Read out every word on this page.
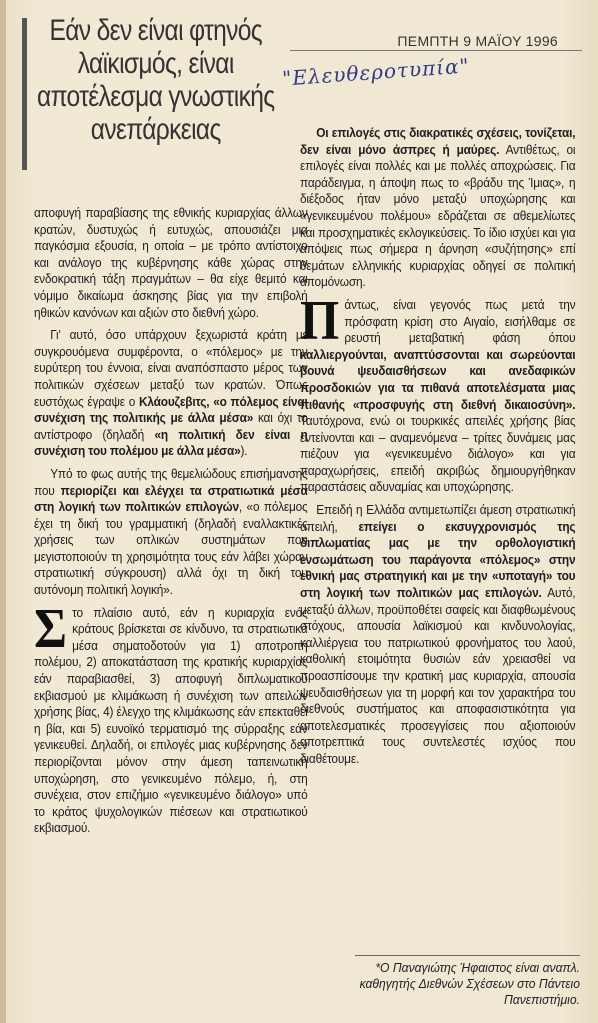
Εάν δεν είναι φτηνός λαϊκισμός, είναι αποτέλεσμα γνωστικής ανεπάρκειας
ΠΕΜΠΤΗ 9 ΜΑΪΟΥ 1996
"Ελευθεροτυπία"

αποφυγή παραβίασης της εθνικής κυριαρχίας άλλων κρατών, δυστυχώς ή ευτυχώς, απουσιάζει μια παγκόσμια εξουσία, η οποία – με τρόπο αντίστοιχο και ανάλογο της κυβέρνησης κάθε χώρας στην ενδοκρατική τάξη πραγμάτων – θα είχε θεμιτό και νόμιμο δικαίωμα άσκησης βίας για την επιβολή ηθικών κανόνων και αξιών στο διεθνή χώρο.

Γι' αυτό, όσο υπάρχουν ξεχωριστά κράτη με συγκρουόμενα συμφέροντα, ο «πόλεμος» με την ευρύτερη του έννοια, είναι αναπόσπαστο μέρος των πολιτικών σχέσεων μεταξύ των κρατών. Όπως ευστόχως έγραψε ο Κλάουζεβιτς, «ο πόλεμος είναι συνέχιση της πολιτικής με άλλα μέσα» και όχι το αντίστροφο (δηλαδή «η πολιτική δεν είναι η συνέχιση του πολέμου με άλλα μέσα»).

Υπό το φως αυτής της θεμελιώδους επισήμανσης που περιορίζει και ελέγχει τα στρατιωτικά μέσα στη λογική των πολιτικών επιλογών, «ο πόλεμος έχει τη δική του γραμματική (δηλαδή εναλλακτικές χρήσεις των οπλικών συστημάτων που μεγιστοποιούν τη χρησιμότητα τους εάν λάβει χώραν στρατιωτική σύγκρουση) αλλά όχι τη δική του αυτόνομη πολιτική λογική».

Στο πλαίσιο αυτό, εάν η κυριαρχία ενός κράτους βρίσκεται σε κίνδυνο, τα στρατιωτικά μέσα σηματοδοτούν για 1) αποτροπή πολέμου, 2) αποκατάσταση της κρατικής κυριαρχίας εάν παραβιασθεί, 3) αποφυγή διπλωματικού εκβιασμού με κλιμάκωση ή συνέχιση των απειλών χρήσης βίας, 4) έλεγχο της κλιμάκωσης εάν επεκταθεί η βία, και 5) ευνοϊκό τερματισμό της σύρραξης εάν γενικευθεί. Δηλαδή, οι επιλογές μιας κυβέρνησης δεν περιορίζονται μόνον στην άμεση ταπεινωτική υποχώρηση, στο γενικευμένο πόλεμο, ή, στη συνέχεια, στον επιζήμιο «γενικευμένο διάλογο» υπό το κράτος ψυχολογικών πιέσεων και στρατιωτικού εκβιασμού.

Οι επιλογές στις διακρατικές σχέσεις, τονίζεται, δεν είναι μόνο άσπρες ή μαύρες. Αντιθέτως, οι επιλογές είναι πολλές και με πολλές αποχρώσεις. Για παράδειγμα, η άποψη πως το «βράδυ της Ίμιας», η διέξοδος ήταν μόνο μεταξύ υποχώρησης και «γενικευμένου πολέμου» εδράζεται σε αθεμελίωτες και προσχηματικές εκλογικεύσεις. Το ίδιο ισχύει και για απόψεις πως σήμερα η άρνηση «συζήτησης» επί θεμάτων ελληνικής κυριαρχίας οδηγεί σε πολιτική απομόνωση.

Πάντως, είναι γεγονός πως μετά την πρόσφατη κρίση στο Αιγαίο, εισήλθαμε σε ρευστή μεταβατική φάση όπου καλλιεργούνται, αναπτύσσονται και σωρεύονται βουνά ψευδαισθήσεων και ανεδαφικών προσδοκιών για τα πιθανά αποτελέσματα μιας πιθανής «προσφυγής στη διεθνή δικαιοσύνη». Ταυτόχρονα, ενώ οι τουρκικές απειλές χρήσης βίας εντείνονται και – αναμενόμενα – τρίτες δυνάμεις μας πιέζουν για «γενικευμένο διάλογο» και για παραχωρήσεις, επειδή ακριβώς δημιουργήθηκαν παραστάσεις αδυναμίας και υποχώρησης.

Επειδή η Ελλάδα αντιμετωπίζει άμεση στρατιωτική απειλή, επείγει ο εκσυγχρονισμός της διπλωματίας μας με την ορθολογιστική ενσωμάτωση του παράγοντα «πόλεμος» στην εθνική μας στρατηγική και με την «υποταγή» του στη λογική των πολιτικών μας επιλογών. Αυτό, μεταξύ άλλων, προϋποθέτει σαφείς και διαφθωμένους στόχους, απουσία λαϊκισμού και κινδυνολογίας, καλλιέργεια του πατριωτικού φρονήματος του λαού, καθολική ετοιμότητα θυσιών εάν χρειασθεί να προασπίσουμε την κρατική μας κυριαρχία, απουσία ψευδαισθήσεων για τη μορφή και τον χαρακτήρα του διεθνούς συστήματος και αποφασιστικότητα για αποτελεσματικές προσεγγίσεις που αξιοποιούν αποτρεπτικά τους συντελεστές ισχύος που διαθέτουμε.

*Ο Παναγιώτης Ήφαιστος είναι αναπλ. καθηγητής Διεθνών Σχέσεων στο Πάντειο Πανεπιστήμιο.
